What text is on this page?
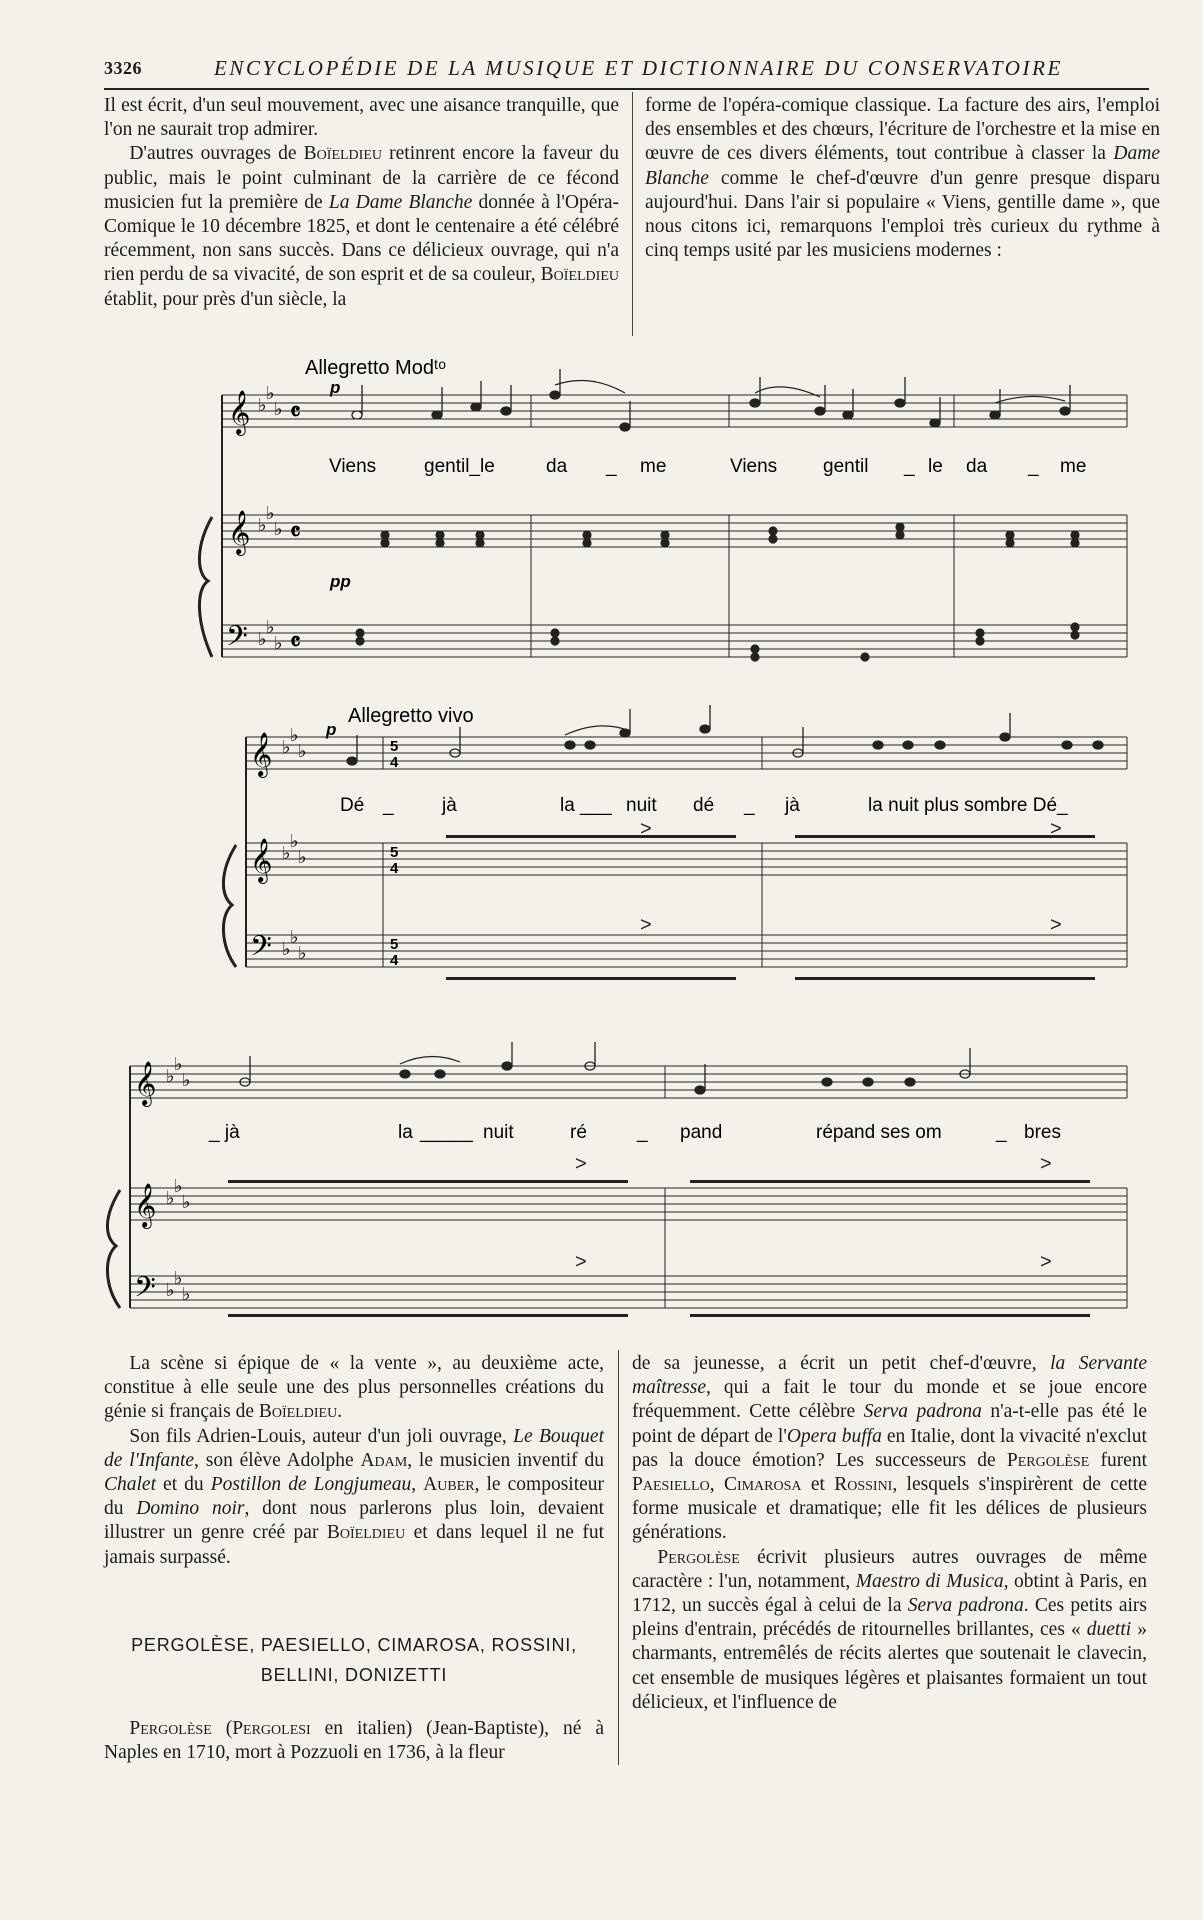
3326	ENCYCLOPÉDIE DE LA MUSIQUE ET DICTIONNAIRE DU CONSERVATOIRE

Il est écrit, d'un seul mouvement, avec une aisance tranquille, que l'on ne saurait trop admirer.

D'autres ouvrages de Boïeldieu retinrent encore la faveur du public, mais le point culminant de la carrière de ce fécond musicien fut la première de La Dame Blanche donnée à l'Opéra-Comique le 10 décembre 1825, et dont le centenaire a été célébré récemment, non sans succès. Dans ce délicieux ouvrage, qui n'a rien perdu de sa vivacité, de son esprit et de sa couleur, Boïeldieu établit, pour près d'un siècle, la

forme de l'opéra-comique classique. La facture des airs, l'emploi des ensembles et des chœurs, l'écriture de l'orchestre et la mise en œuvre de ces divers éléments, tout contribue à classer la Dame Blanche comme le chef-d'œuvre d'un genre presque disparu aujourd'hui. Dans l'air si populaire « Viens, gentille dame », que nous citons ici, remarquons l'emploi très curieux du rythme à cinq temps usité par les musiciens modernes :

Allegretto Modᵗᵒ
p
pp
𝄞
𝄞
𝄢
♭
♭
♭
♭
♭
♭
♭
♭
♭
𝄴
𝄴
𝄴
Viens	gentil_le	da _ me	Viens gentil _ le da _ me
Allegretto vivo
p
𝄞
𝄞
𝄢
♭
♭
♭
♭
♭
♭
♭
♭
♭
5
4
5
4
5
4
Dé _	jà	la ___ nuit dé _ jà	la nuit plus sombre Dé_
>	>
>	>
𝄞
𝄞
𝄢
♭
♭
♭
♭
♭
♭
♭
♭
♭
_ jà	la _____ nuit	ré	_ pand	répand ses om	_ bres
>	>
>	>

La scène si épique de « la vente », au deuxième acte, constitue à elle seule une des plus personnelles créations du génie si français de Boïeldieu.

Son fils Adrien-Louis, auteur d'un joli ouvrage, Le Bouquet de l'Infante, son élève Adolphe Adam, le musicien inventif du Chalet et du Postillon de Longjumeau, Auber, le compositeur du Domino noir, dont nous parlerons plus loin, devaient illustrer un genre créé par Boïeldieu et dans lequel il ne fut jamais surpassé.

PERGOLÈSE, PAESIELLO, CIMAROSA, ROSSINI,
BELLINI, DONIZETTI

Pergolèse (Pergolesi en italien) (Jean-Baptiste), né à Naples en 1710, mort à Pozzuoli en 1736, à la fleur

de sa jeunesse, a écrit un petit chef-d'œuvre, la Servante maîtresse, qui a fait le tour du monde et se joue encore fréquemment. Cette célèbre Serva padrona n'a-t-elle pas été le point de départ de l'Opera buffa en Italie, dont la vivacité n'exclut pas la douce émotion? Les successeurs de Pergolèse furent Paesiello, Cimarosa et Rossini, lesquels s'inspirèrent de cette forme musicale et dramatique; elle fit les délices de plusieurs générations.

Pergolèse écrivit plusieurs autres ouvrages de même caractère : l'un, notamment, Maestro di Musica, obtint à Paris, en 1712, un succès égal à celui de la Serva padrona. Ces petits airs pleins d'entrain, précédés de ritournelles brillantes, ces « duetti » charmants, entremêlés de récits alertes que soutenait le clavecin, cet ensemble de musiques légères et plaisantes formaient un tout délicieux, et l'influence de
